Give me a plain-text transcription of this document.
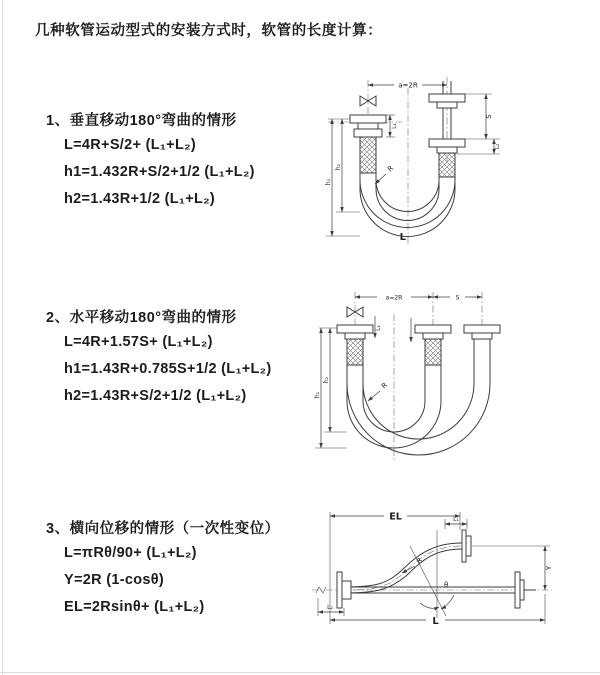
几种软管运动型式的安装方式时，软管的长度计算：
1、垂直移动180°弯曲的情形
L=4R+S/2+ (L₁+L₂)
h1=1.432R+S/2+1/2 (L₁+L₂)
h2=1.43R+1/2 (L₁+L₂)
2、水平移动180°弯曲的情形
L=4R+1.57S+ (L₁+L₂)
h1=1.43R+0.785S+1/2 (L₁+L₂)
h2=1.43R+S/2+1/2 (L₁+L₂)
3、横向位移的情形（一次性变位）
L=πRθ/90+ (L₁+L₂)
Y=2R (1-cosθ)
EL=2Rsinθ+ (L₁+L₂)
a=2R
S
L₂
h₂
h₁
L₁
R
L
a=2R	S
h₂
h₁
L₁
R
EL	L₁
Y
θ
R
L
L₂
